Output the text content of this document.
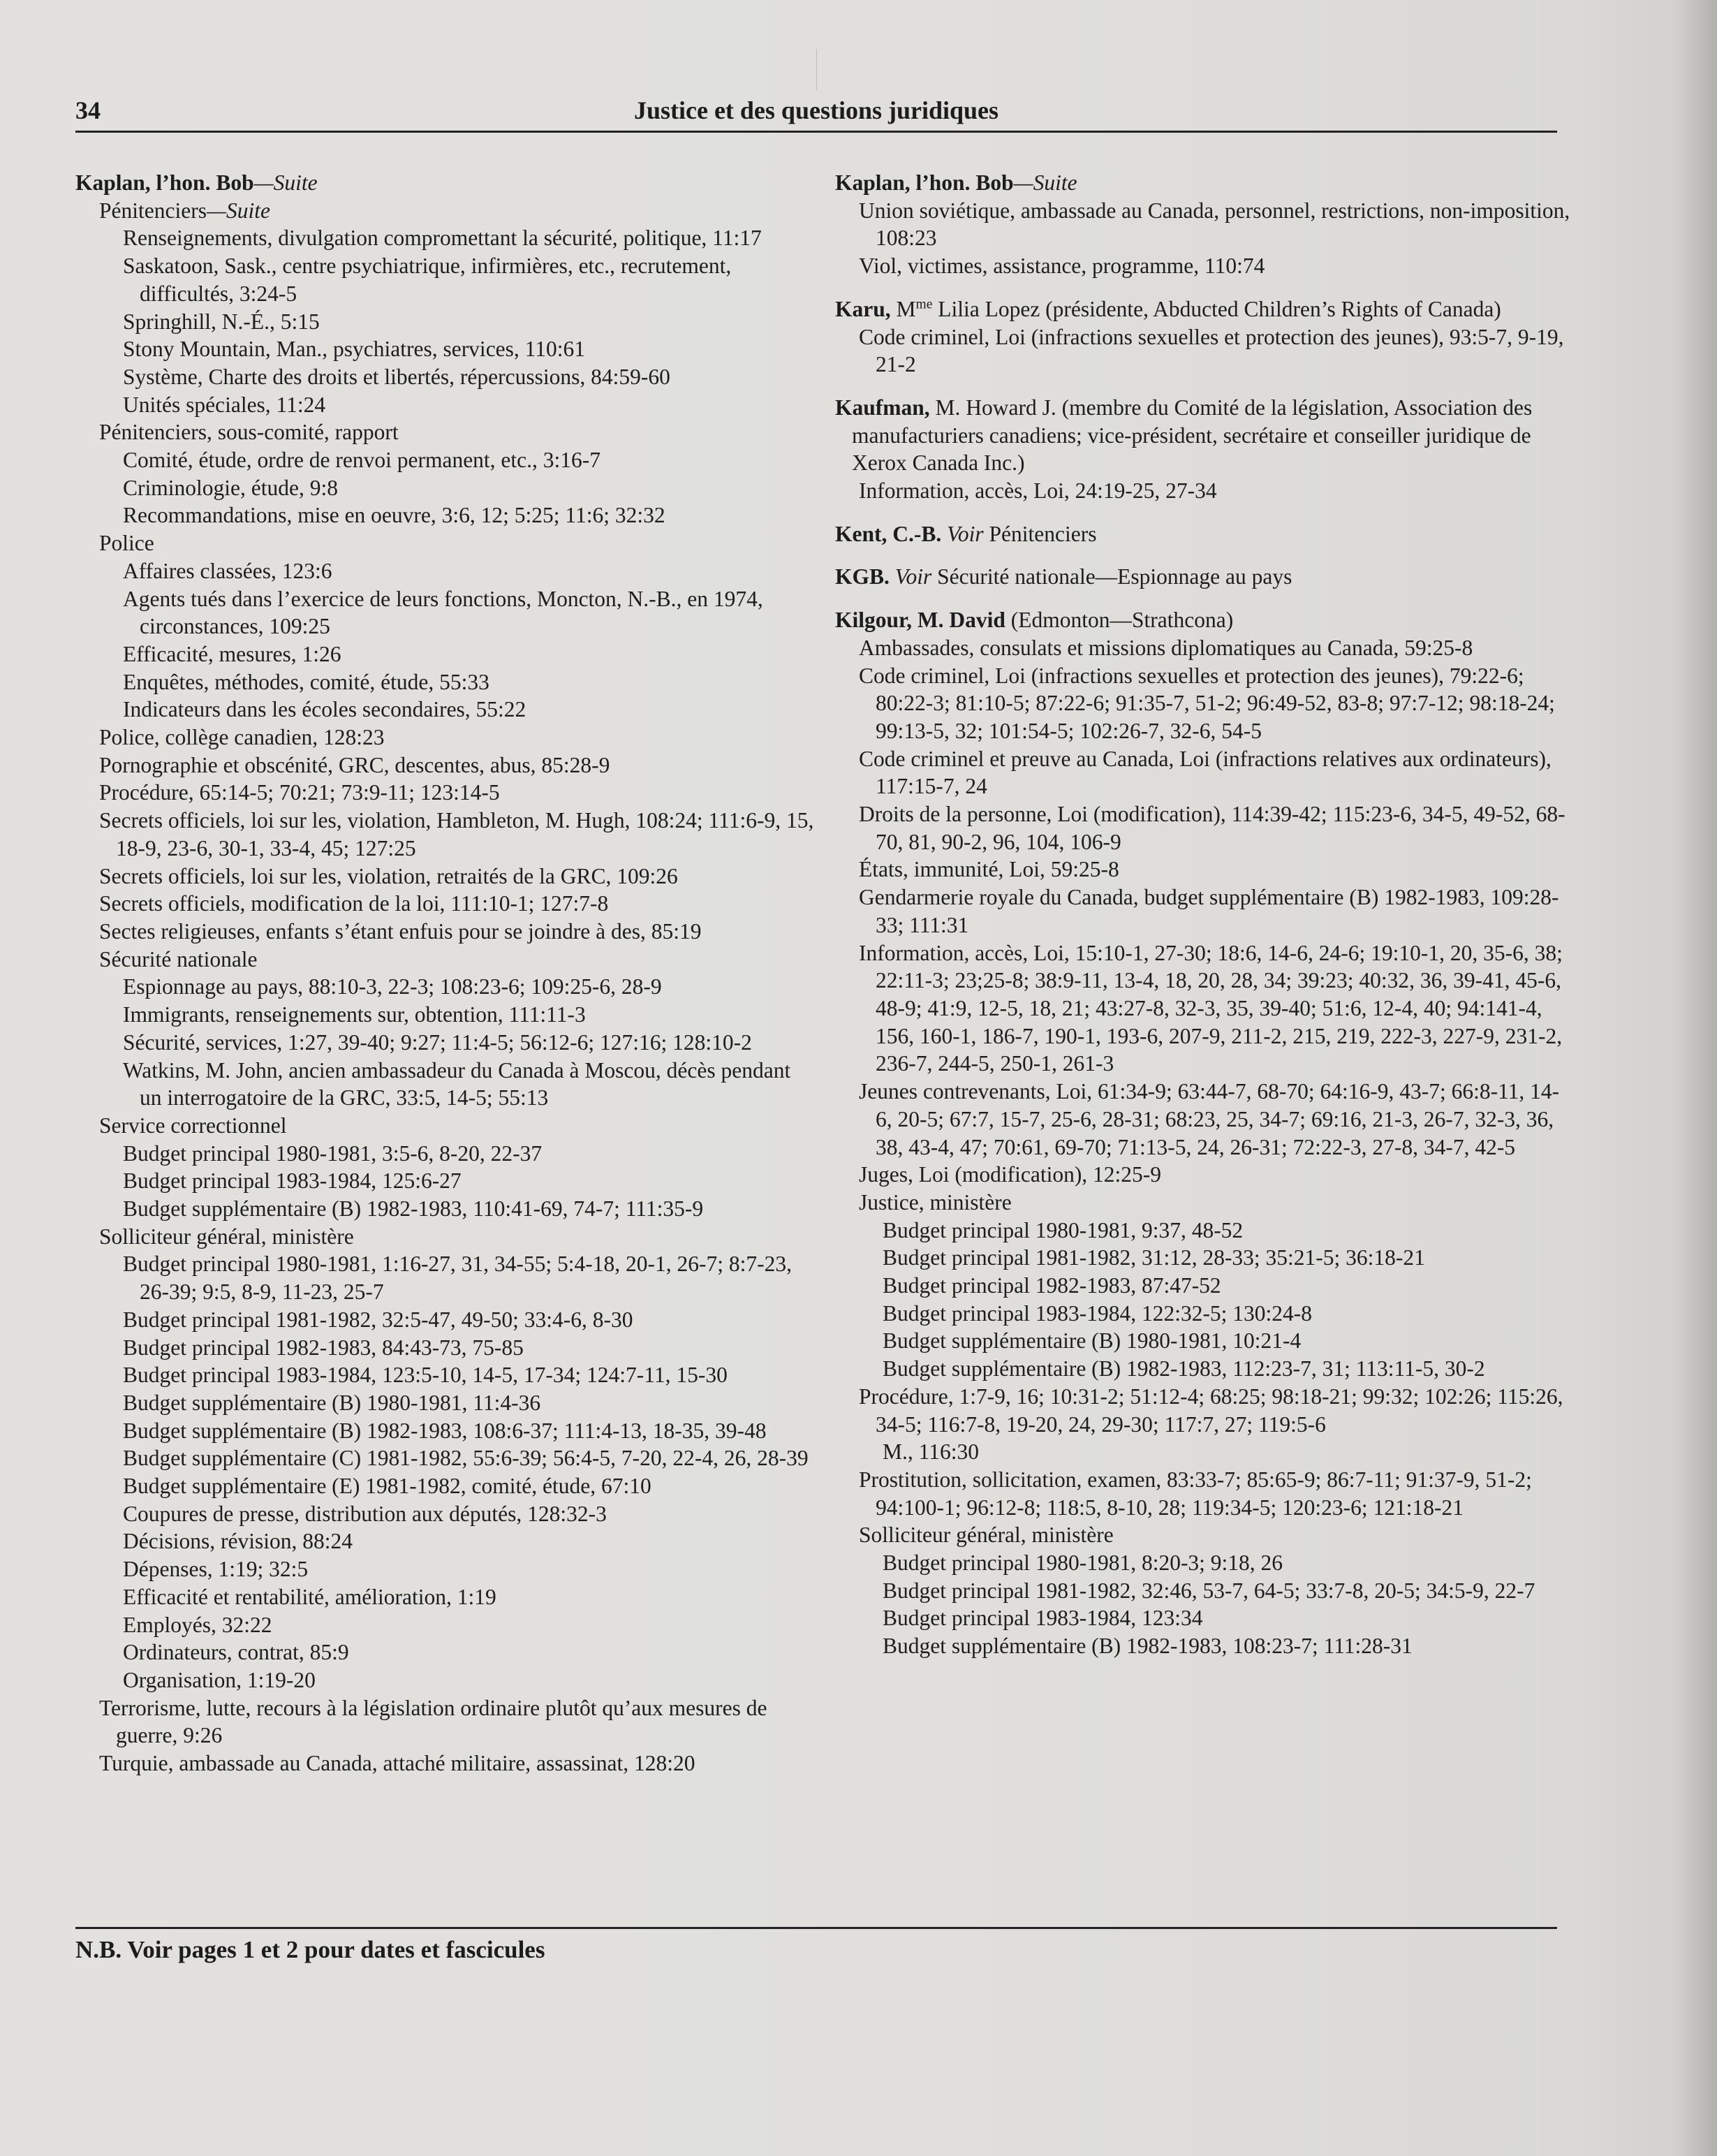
34	Justice et des questions juridiques
Kaplan, l’hon. Bob—Suite
Pénitenciers—Suite
Renseignements, divulgation compromettant la sécurité, politique, 11:17
Saskatoon, Sask., centre psychiatrique, infirmières, etc., recrutement, difficultés, 3:24-5
Springhill, N.-É., 5:15
Stony Mountain, Man., psychiatres, services, 110:61
Système, Charte des droits et libertés, répercussions, 84:59-60
Unités spéciales, 11:24
Pénitenciers, sous-comité, rapport
Comité, étude, ordre de renvoi permanent, etc., 3:16-7
Criminologie, étude, 9:8
Recommandations, mise en oeuvre, 3:6, 12; 5:25; 11:6; 32:32
Police
Affaires classées, 123:6
Agents tués dans l’exercice de leurs fonctions, Moncton, N.-B., en 1974, circonstances, 109:25
Efficacité, mesures, 1:26
Enquêtes, méthodes, comité, étude, 55:33
Indicateurs dans les écoles secondaires, 55:22
Police, collège canadien, 128:23
Pornographie et obscénité, GRC, descentes, abus, 85:28-9
Procédure, 65:14-5; 70:21; 73:9-11; 123:14-5
Secrets officiels, loi sur les, violation, Hambleton, M. Hugh, 108:24; 111:6-9, 15, 18-9, 23-6, 30-1, 33-4, 45; 127:25
Secrets officiels, loi sur les, violation, retraités de la GRC, 109:26
Secrets officiels, modification de la loi, 111:10-1; 127:7-8
Sectes religieuses, enfants s’étant enfuis pour se joindre à des, 85:19
Sécurité nationale
Espionnage au pays, 88:10-3, 22-3; 108:23-6; 109:25-6, 28-9
Immigrants, renseignements sur, obtention, 111:11-3
Sécurité, services, 1:27, 39-40; 9:27; 11:4-5; 56:12-6; 127:16; 128:10-2
Watkins, M. John, ancien ambassadeur du Canada à Moscou, décès pendant un interrogatoire de la GRC, 33:5, 14-5; 55:13
Service correctionnel
Budget principal 1980-1981, 3:5-6, 8-20, 22-37
Budget principal 1983-1984, 125:6-27
Budget supplémentaire (B) 1982-1983, 110:41-69, 74-7; 111:35-9
Solliciteur général, ministère
Budget principal 1980-1981, 1:16-27, 31, 34-55; 5:4-18, 20-1, 26-7; 8:7-23, 26-39; 9:5, 8-9, 11-23, 25-7
Budget principal 1981-1982, 32:5-47, 49-50; 33:4-6, 8-30
Budget principal 1982-1983, 84:43-73, 75-85
Budget principal 1983-1984, 123:5-10, 14-5, 17-34; 124:7-11, 15-30
Budget supplémentaire (B) 1980-1981, 11:4-36
Budget supplémentaire (B) 1982-1983, 108:6-37; 111:4-13, 18-35, 39-48
Budget supplémentaire (C) 1981-1982, 55:6-39; 56:4-5, 7-20, 22-4, 26, 28-39
Budget supplémentaire (E) 1981-1982, comité, étude, 67:10
Coupures de presse, distribution aux députés, 128:32-3
Décisions, révision, 88:24
Dépenses, 1:19; 32:5
Efficacité et rentabilité, amélioration, 1:19
Employés, 32:22
Ordinateurs, contrat, 85:9
Organisation, 1:19-20
Terrorisme, lutte, recours à la législation ordinaire plutôt qu’aux mesures de guerre, 9:26
Turquie, ambassade au Canada, attaché militaire, assassinat, 128:20
Kaplan, l’hon. Bob—Suite
Union soviétique, ambassade au Canada, personnel, restrictions, non-imposition, 108:23
Viol, victimes, assistance, programme, 110:74
Karu, $M^{me}$ Lilia Lopez (présidente, Abducted Children’s Rights of Canada)
Code criminel, Loi (infractions sexuelles et protection des jeunes), 93:5-7, 9-19, 21-2
Kaufman, M. Howard J. (membre du Comité de la législation, Association des manufacturiers canadiens; vice-président, secrétaire et conseiller juridique de Xerox Canada Inc.)
Information, accès, Loi, 24:19-25, 27-34
Kent, C.-B. Voir Pénitenciers
KGB. Voir Sécurité nationale—Espionnage au pays
Kilgour, M. David (Edmonton—Strathcona)
Ambassades, consulats et missions diplomatiques au Canada, 59:25-8
Code criminel, Loi (infractions sexuelles et protection des jeunes), 79:22-6; 80:22-3; 81:10-5; 87:22-6; 91:35-7, 51-2; 96:49-52, 83-8; 97:7-12; 98:18-24; 99:13-5, 32; 101:54-5; 102:26-7, 32-6, 54-5
Code criminel et preuve au Canada, Loi (infractions relatives aux ordinateurs), 117:15-7, 24
Droits de la personne, Loi (modification), 114:39-42; 115:23-6, 34-5, 49-52, 68-70, 81, 90-2, 96, 104, 106-9
États, immunité, Loi, 59:25-8
Gendarmerie royale du Canada, budget supplémentaire (B) 1982-1983, 109:28-33; 111:31
Information, accès, Loi, 15:10-1, 27-30; 18:6, 14-6, 24-6; 19:10-1, 20, 35-6, 38; 22:11-3; 23;25-8; 38:9-11, 13-4, 18, 20, 28, 34; 39:23; 40:32, 36, 39-41, 45-6, 48-9; 41:9, 12-5, 18, 21; 43:27-8, 32-3, 35, 39-40; 51:6, 12-4, 40; 94:141-4, 156, 160-1, 186-7, 190-1, 193-6, 207-9, 211-2, 215, 219, 222-3, 227-9, 231-2, 236-7, 244-5, 250-1, 261-3
Jeunes contrevenants, Loi, 61:34-9; 63:44-7, 68-70; 64:16-9, 43-7; 66:8-11, 14-6, 20-5; 67:7, 15-7, 25-6, 28-31; 68:23, 25, 34-7; 69:16, 21-3, 26-7, 32-3, 36, 38, 43-4, 47; 70:61, 69-70; 71:13-5, 24, 26-31; 72:22-3, 27-8, 34-7, 42-5
Juges, Loi (modification), 12:25-9
Justice, ministère
Budget principal 1980-1981, 9:37, 48-52
Budget principal 1981-1982, 31:12, 28-33; 35:21-5; 36:18-21
Budget principal 1982-1983, 87:47-52
Budget principal 1983-1984, 122:32-5; 130:24-8
Budget supplémentaire (B) 1980-1981, 10:21-4
Budget supplémentaire (B) 1982-1983, 112:23-7, 31; 113:11-5, 30-2
Procédure, 1:7-9, 16; 10:31-2; 51:12-4; 68:25; 98:18-21; 99:32; 102:26; 115:26, 34-5; 116:7-8, 19-20, 24, 29-30; 117:7, 27; 119:5-6
M., 116:30
Prostitution, sollicitation, examen, 83:33-7; 85:65-9; 86:7-11; 91:37-9, 51-2; 94:100-1; 96:12-8; 118:5, 8-10, 28; 119:34-5; 120:23-6; 121:18-21
Solliciteur général, ministère
Budget principal 1980-1981, 8:20-3; 9:18, 26
Budget principal 1981-1982, 32:46, 53-7, 64-5; 33:7-8, 20-5; 34:5-9, 22-7
Budget principal 1983-1984, 123:34
Budget supplémentaire (B) 1982-1983, 108:23-7; 111:28-31
N.B. Voir pages 1 et 2 pour dates et fascicules
